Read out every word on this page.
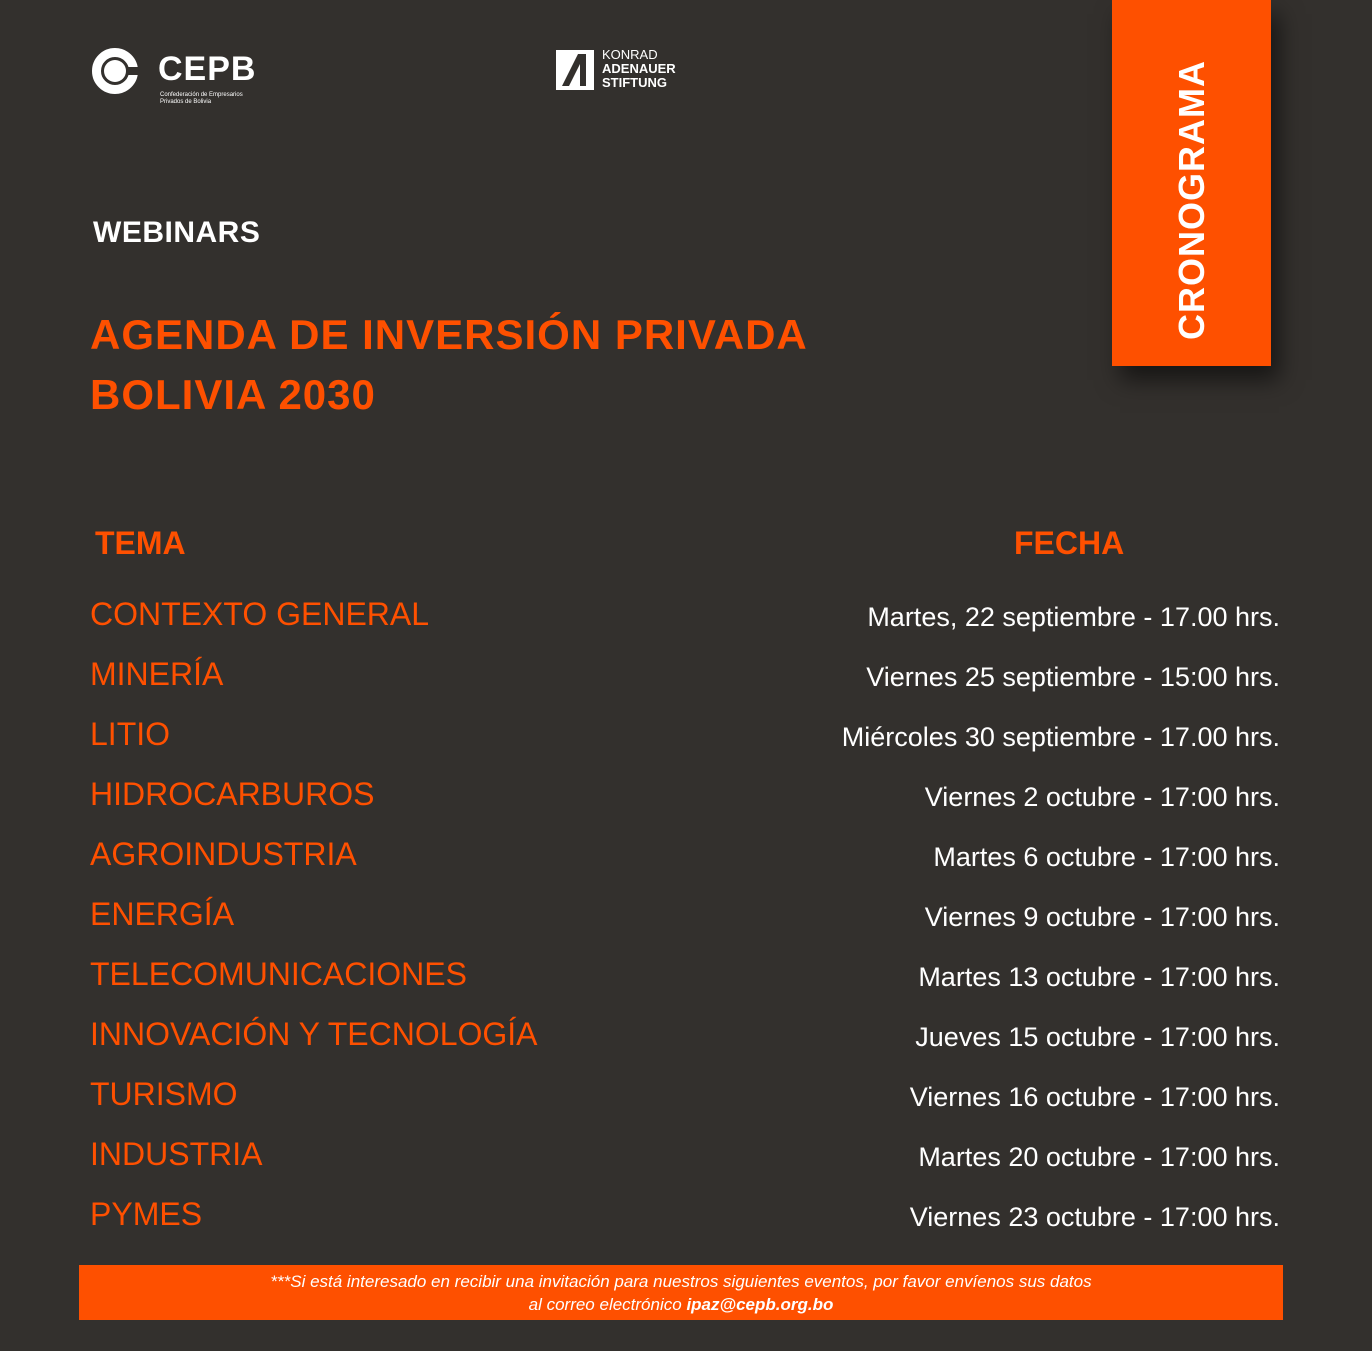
CEPB
Confederación de Empresarios
Privados de Bolivia
KONRAD
ADENAUER
STIFTUNG	CRONOGRAMA
WEBINARS
AGENDA DE INVERSIÓN PRIVADA
BOLIVIA 2030
TEMA	FECHA
CONTEXTO GENERAL	Martes, 22 septiembre - 17.00 hrs.
MINERÍA	Viernes 25 septiembre - 15:00 hrs.
LITIO	Miércoles 30 septiembre - 17.00 hrs.
HIDROCARBUROS	Viernes 2 octubre - 17:00 hrs.
AGROINDUSTRIA	Martes 6 octubre - 17:00 hrs.
ENERGÍA	Viernes 9 octubre - 17:00 hrs.
TELECOMUNICACIONES	Martes 13 octubre - 17:00 hrs.
INNOVACIÓN Y TECNOLOGÍA	Jueves 15 octubre - 17:00 hrs.
TURISMO	Viernes 16 octubre - 17:00 hrs.
INDUSTRIA	Martes 20 octubre - 17:00 hrs.
PYMES	Viernes 23 octubre - 17:00 hrs.
***Si está interesado en recibir una invitación para nuestros siguientes eventos, por favor envíenos sus datos
al correo electrónico ipaz@cepb.org.bo
